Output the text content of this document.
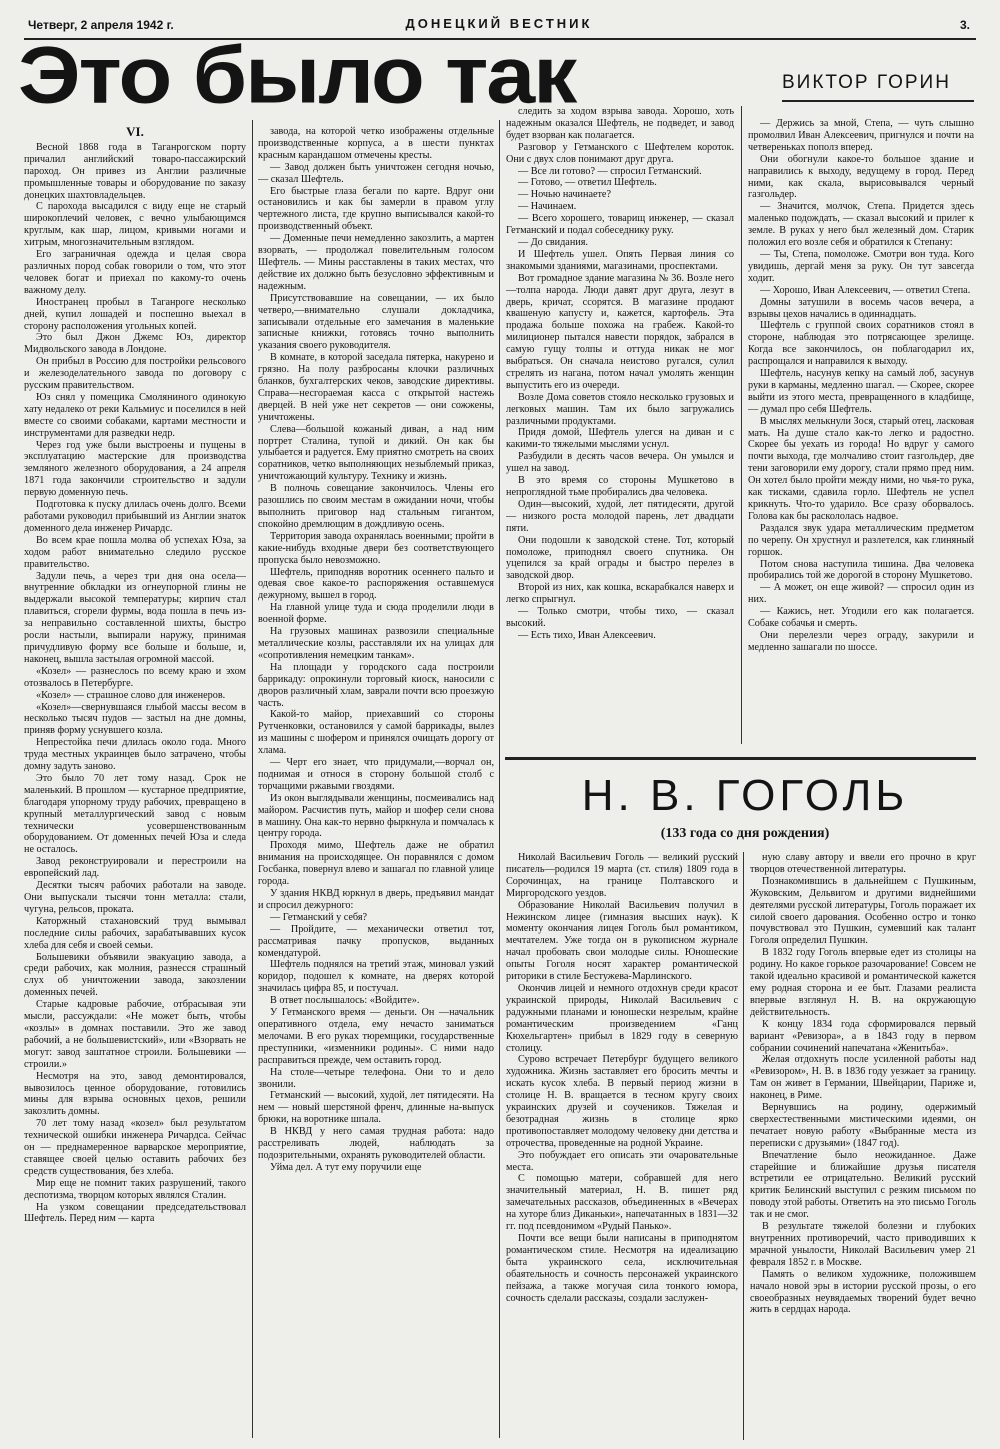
Четверг, 2 апреля 1942 г.	ДОНЕЦКИЙ ВЕСТНИК	3.
Это было так	ВИКТОР ГОРИН
VI.

Весной 1868 года в Таганрогском порту причалил английский товаро-пассажирский пароход. Он привез из Англии различные промышленные товары и оборудование по заказу донецких шахтовладельцев.

С парохода высадился с виду еще не старый широкоплечий человек, с вечно улыбающимся круглым, как шар, лицом, кривыми ногами и хитрым, многозначительным взглядом.

Его заграничная одежда и целая свора различных пород собак говорили о том, что этот человек богат и приехал по какому-то очень важному делу.

Иностранец пробыл в Таганроге несколько дней, купил лошадей и поспешно выехал в сторону расположения угольных копей.

Это был Джон Джемс Юз, директор Мидвольского завода в Лондоне.

Он прибыл в Россию для постройки рельсового и железоделательного завода по договору с русским правительством.

Юз снял у помещика Смоляниного одинокую хату недалеко от реки Кальмиус и поселился в ней вместе со своими собаками, картами местности и инструментами для разведки недр.

Через год уже были выстроены и пущены в эксплуатацию мастерские для производства земляного железного оборудования, а 24 апреля 1871 года закончили строительство и задули первую доменную печь.

Подготовка к пуску длилась очень долго. Всеми работами руководил прибывший из Англии знаток доменного дела инженер Ричардс.

Во всем крае пошла молва об успехах Юза, за ходом работ внимательно следило русское правительство.

Задули печь, а через три дня она осела—внутренние обкладки из огнеупорной глины не выдержали высокой температуры; кирпич стал плавиться, сгорели фурмы, вода пошла в печь из-за неправильно составленной шихты, быстро росли настыли, выпирали наружу, принимая причудливую форму все больше и больше, и, наконец, вышла застылая огромной массой.

«Козел» — разнеслось по всему краю и эхом отозвалось в Петербурге.

«Козел» — страшное слово для инженеров.

«Козел»—свернувшаяся глыбой массы весом в несколько тысяч пудов — застыл на дне домны, приняв форму уснувшего козла.

Непрестойка печи длилась около года. Много труда местных украинцев было затрачено, чтобы домну задуть заново.

Это было 70 лет тому назад. Срок не маленький. В прошлом — кустарное предприятие, благодаря упорному труду рабочих, превращено в крупный металлургический завод с новым технически усовершенствованным оборудованием. От доменных печей Юза и следа не осталось.

Завод реконструировали и перестроили на европейский лад.

Десятки тысяч рабочих работали на заводе. Они выпускали тысячи тонн металла: стали, чугуна, рельсов, проката.

Каторжный стахановский труд вымывал последние силы рабочих, зарабатывавших кусок хлеба для себя и своей семьи.

Большевики объявили эвакуацию завода, а среди рабочих, как молния, разнесся страшный слух об уничтожении завода, закозлении доменных печей.

Старые кадровые рабочие, отбрасывая эти мысли, рассуждали: «Не может быть, чтобы «козлы» в домнах поставили. Это же завод рабочий, а не большевистский», или «Взорвать не могут: завод заштатное строили. Большевики — строили.»

Несмотря на это, завод демонтировался, вывозилось ценное оборудование, готовились мины для взрыва основных цехов, решили закозлить домны.

70 лет тому назад «козел» был результатом технической ошибки инженера Ричардса. Сейчас он — преднамеренное варварское мероприятие, ставящее своей целью оставить рабочих без средств существования, без хлеба.

Мир еще не помнит таких разрушений, такого деспотизма, творцом которых являлся Сталин.

На узком совещании председательствовал Шефтель. Перед ним — карта

завода, на которой четко изображены отдельные производственные корпуса, а в шести пунктах красным карандашом отмечены кресты.

— Завод должен быть уничтожен сегодня ночью, — сказал Шефтель.

Его быстрые глаза бегали по карте. Вдруг они остановились и как бы замерли в правом углу чертежного листа, где крупно выписывался какой-то производственный объект.

— Доменные печи немедленно закозлить, а мартен взорвать, — продолжал повелительным голосом Шефтель. — Мины расставлены в таких местах, что действие их должно быть безусловно эффективным и надежным.

Присутствовавшие на совещании, — их было четверо,—внимательно слушали докладчика, записывали отдельные его замечания в маленькие записные книжки, готовясь точно выполнить указания своего руководителя.

В комнате, в которой заседала пятерка, накурено и грязно. На полу разбросаны клочки различных бланков, бухгалтерских чеков, заводские директивы. Справа—несгораемая касса с открытой настежь дверцей. В ней уже нет секретов — они сожжены, уничтожены.

Слева—большой кожаный диван, а над ним портрет Сталина, тупой и дикий. Он как бы улыбается и радуется. Ему приятно смотреть на своих соратников, четко выполняющих незыблемый приказ, уничтожающий культуру. Технику и жизнь.

В полночь совещание закончилось. Члены его разошлись по своим местам в ожидании ночи, чтобы выполнить приговор над стальным гигантом, спокойно дремлющим в дождливую осень.

Территория завода охранялась военными; пройти в какие-нибудь входные двери без соответствующего пропуска было невозможно.

Шефтель, приподняв воротник осеннего пальто и одевая свое какое-то распоряжения оставшемуся дежурному, вышел в город.

На главной улице туда и сюда проделили люди в военной форме.

На грузовых машинах развозили специальные металлические козлы, расставляли их на улицах для «сопротивления немецким танкам».

На площади у городского сада построили баррикаду: опрокинули торговый киоск, наносили с дворов различный хлам, заврали почти всю проезжую часть.

Какой-то майор, приехавший со стороны Рутченковки, остановился у самой баррикады, вылез из машины с шофером и принялся очищать дорогу от хлама.

— Черт его знает, что придумали,—ворчал он, поднимая и относя в сторону большой столб с торчащими ржавыми гвоздями.

Из окон выглядывали женщины, посмеивались над майором. Расчистив путь, майор и шофер сели снова в машину. Она как-то нервно фыркнула и помчалась к центру города.

Проходя мимо, Шефтель даже не обратил внимания на происходящее. Он поравнялся с домом Госбанка, повернул влево и зашагал по главной улице города.

У здания НКВД юркнул в дверь, предъявил мандат и спросил дежурного:

— Гетманский у себя?

— Пройдите, — механически ответил тот, рассматривая пачку пропусков, выданных комендатурой.

Шефтель поднялся на третий этаж, миновал узкий коридор, подошел к комнате, на дверях которой значилась цифра 85, и постучал.

В ответ послышалось: «Войдите».

У Гетманского время — деньги. Он —начальник оперативного отдела, ему нечасто заниматься мелочами. В его руках тюремщики, государственные преступники, «изменники родины». С ними надо расправиться прежде, чем оставить город.

На столе—четыре телефона. Они то и дело звонили.

Гетманский — высокий, худой, лет пятидесяти. На нем — новый шерстяной френч, длинные на-выпуск брюки, на воротнике шпала.

В НКВД у него самая трудная работа: надо расстреливать людей, наблюдать за подозрительными, охранять руководителей области.

Уйма дел. А тут ему поручили еще

следить за ходом взрыва завода. Хорошо, хоть надежным оказался Шефтель, не подведет, и завод будет взорван как полагается.

Разговор у Гетманского с Шефтелем короток. Они с двух слов понимают друг друга.

— Все ли готово? — спросил Гетманский.

— Готово, — ответил Шефтель.

— Ночью начинаете?

— Начинаем.

— Всего хорошего, товарищ инженер, — сказал Гетманский и подал собеседнику руку.

— До свидания.

И Шефтель ушел. Опять Первая линия со знакомыми зданиями, магазинами, проспектами.

Вот громадное здание магазина № 36. Возле него—толпа народа. Люди давят друг друга, лезут в дверь, кричат, ссорятся. В магазине продают квашеную капусту и, кажется, картофель. Эта продажа больше похожа на грабеж. Какой-то милиционер пытался навести порядок, забрался в самую гущу толпы и оттуда никак не мог выбраться. Он сначала неистово ругался, сулил стрелять из нагана, потом начал умолять женщин выпустить его из очереди.

Возле Дома советов стояло несколько грузовых и легковых машин. Там их было загружались различными продуктами.

Придя домой, Шефтель улегся на диван и с какими-то тяжелыми мыслями уснул.

Разбудили в десять часов вечера. Он умылся и ушел на завод.

В это время со стороны Мушкетово в непроглядной тьме пробирались два человека.

Один—высокий, худой, лет пятидесяти, другой — низкого роста молодой парень, лет двадцати пяти.

Они подошли к заводской стене. Тот, который помоложе, приподнял своего спутника. Он уцепился за край ограды и быстро перелез в заводской двор.

Второй из них, как кошка, вскарабкался наверх и легко спрыгнул.

— Только смотри, чтобы тихо, — сказал высокий.

— Есть тихо, Иван Алексеевич.

— Держись за мной, Степа, — чуть слышно промолвил Иван Алексеевич, пригнулся и почти на четвереньках пополз вперед.

Они обогнули какое-то большое здание и направились к выходу, ведущему в город. Перед ними, как скала, вырисовывался черный газгольдер.

— Значится, молчок, Степа. Придется здесь маленько подождать, — сказал высокий и прилег к земле. В руках у него был железный дом. Старик положил его возле себя и обратился к Степану:

— Ты, Степа, помоложе. Смотри вон туда. Кого увидишь, дергай меня за руку. Он тут завсегда ходит.

— Хорошо, Иван Алексеевич, — ответил Степа.

Домны затушили в восемь часов вечера, а взрывы цехов начались в одиннадцать.

Шефтель с группой своих соратников стоял в стороне, наблюдая это потрясающее зрелище. Когда все закончилось, он поблагодарил их, распрощался и направился к выходу.

Шефтель, насунув кепку на самый лоб, засунув руки в карманы, медленно шагал. — Скорее, скорее выйти из этого места, превращенного в кладбище, — думал про себя Шефтель.

В мыслях мелькнули Зося, старый отец, ласковая мать. На душе стало как-то легко и радостно. Скорее бы уехать из города! Но вдруг у самого почти выхода, где молчаливо стоит газгольдер, две тени заговорили ему дорогу, стали прямо пред ним. Он хотел было пройти между ними, но чья-то рука, как тисками, сдавила горло. Шефтель не успел крикнуть. Что-то ударило. Все сразу оборвалось. Голова как бы раскололась надвое.

Раздался звук удара металлическим предметом по черепу. Он хрустнул и разлетелся, как глиняный горшок.

Потом снова наступила тишина. Два человека пробирались той же дорогой в сторону Мушкетово.

— А может, он еще живой? — спросил один из них.

— Кажись, нет. Угодили его как полагается. Собаке собачья и смерть.

Они перелезли через ограду, закурили и медленно зашагали по шоссе.

Н. В. ГОГОЛЬ
(133 года со дня рождения)

Николай Васильевич Гоголь — великий русский писатель—родился 19 марта (ст. стиля) 1809 года в Сорочинцах, на границе Полтавского и Миргородского уездов.

Образование Николай Васильевич получил в Нежинском лицее (гимназия высших наук). К моменту окончания лицея Гоголь был романтиком, мечтателем. Уже тогда он в рукописном журнале начал пробовать свои молодые силы. Юношеские опыты Гоголя носят характер романтической риторики в стиле Бестужева-Марлинского.

Окончив лицей и немного отдохнув среди красот украинской природы, Николай Васильевич с радужными планами и юношески незрелым, крайне романтическим произведением «Ганц Кюхельгартен» прибыл в 1829 году в северную столицу.

Сурово встречает Петербург будущего великого художника. Жизнь заставляет его бросить мечты и искать кусок хлеба. В первый период жизни в столице Н. В. вращается в тесном кругу своих украинских друзей и соучеников. Тяжелая и безотрадная жизнь в столице ярко противопоставляет молодому человеку дни детства и отрочества, проведенные на родной Украине.

Это побуждает его описать эти очаровательные места.

С помощью матери, собравшей для него значительный материал, Н. В. пишет ряд замечательных рассказов, объединенных в «Вечерах на хуторе близ Диканьки», напечатанных в 1831—32 гг. под псевдонимом «Рудый Панько».

Почти все вещи были написаны в приподнятом романтическом стиле. Несмотря на идеализацию быта украинского села, исключительная обаятельность и сочность персонажей украинского пейзажа, а также могучая сила тонкого юмора, сочность сделали рассказы, создали заслужен-

ную славу автору и ввели его прочно в круг творцов отечественной литературы.

Познакомившись в дальнейшем с Пушкиным, Жуковским, Дельвигом и другими виднейшими деятелями русской литературы, Гоголь поражает их силой своего дарования. Особенно остро и тонко почувствовал это Пушкин, сумевший как талант Гоголя определил Пушкин.

В 1832 году Гоголь впервые едет из столицы на родину. Но какое горькое разочарование! Совсем не такой идеально красивой и романтической кажется ему родная сторона и ее быт. Глазами реалиста впервые взглянул Н. В. на окружающую действительность.

К концу 1834 года сформировался первый вариант «Ревизора», а в 1843 году в первом собрании сочинений напечатана «Женитьба».

Желая отдохнуть после усиленной работы над «Ревизором», Н. В. в 1836 году уезжает за границу. Там он живет в Германии, Швейцарии, Париже и, наконец, в Риме.

Вернувшись на родину, одержимый сверхестественными мистическими идеями, он печатает новую работу «Выбранные места из переписки с друзьями» (1847 год).

Впечатление было неожиданное. Даже старейшие и ближайшие друзья писателя встретили ее отрицательно. Великий русский критик Белинский выступил с резким письмом по поводу этой работы. Ответить на это письмо Гоголь так и не смог.

В результате тяжелой болезни и глубоких внутренних противоречий, часто приводивших к мрачной унылости, Николай Васильевич умер 21 февраля 1852 г. в Москве.

Память о великом художнике, положившем начало новой эры в истории русской прозы, о его своеобразных неувядаемых творений будет вечно жить в сердцах народа.
